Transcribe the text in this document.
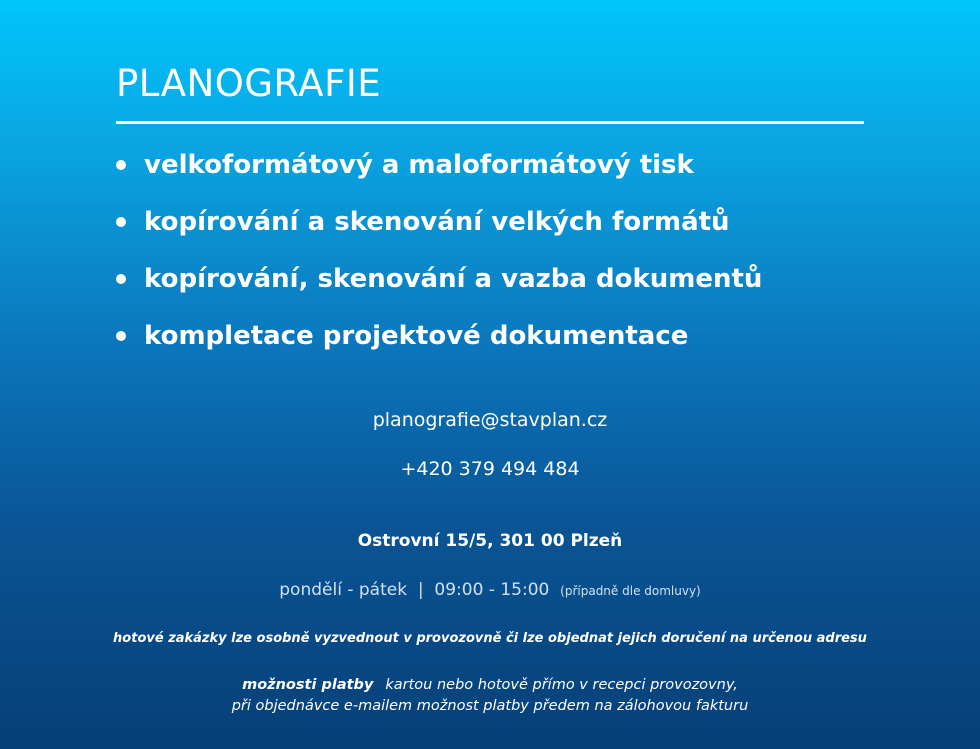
PLANOGRAFIE
velkoformátový a maloformátový tisk
kopírování a skenování velkých formátů
kopírování, skenování a vazba dokumentů
kompletace projektové dokumentace
planografie@stavplan.cz
+420 379 494 484
Ostrovní 15/5, 301 00 Plzeň
pondělí - pátek | 09:00 - 15:00 (případně dle domluvy)
hotové zakázky lze osobně vyzvednout v provozovně či lze objednat jejich doručení na určenou adresu
možnosti platby kartou nebo hotově přímo v recepci provozovny,
při objednávce e-mailem možnost platby předem na zálohovou fakturu
